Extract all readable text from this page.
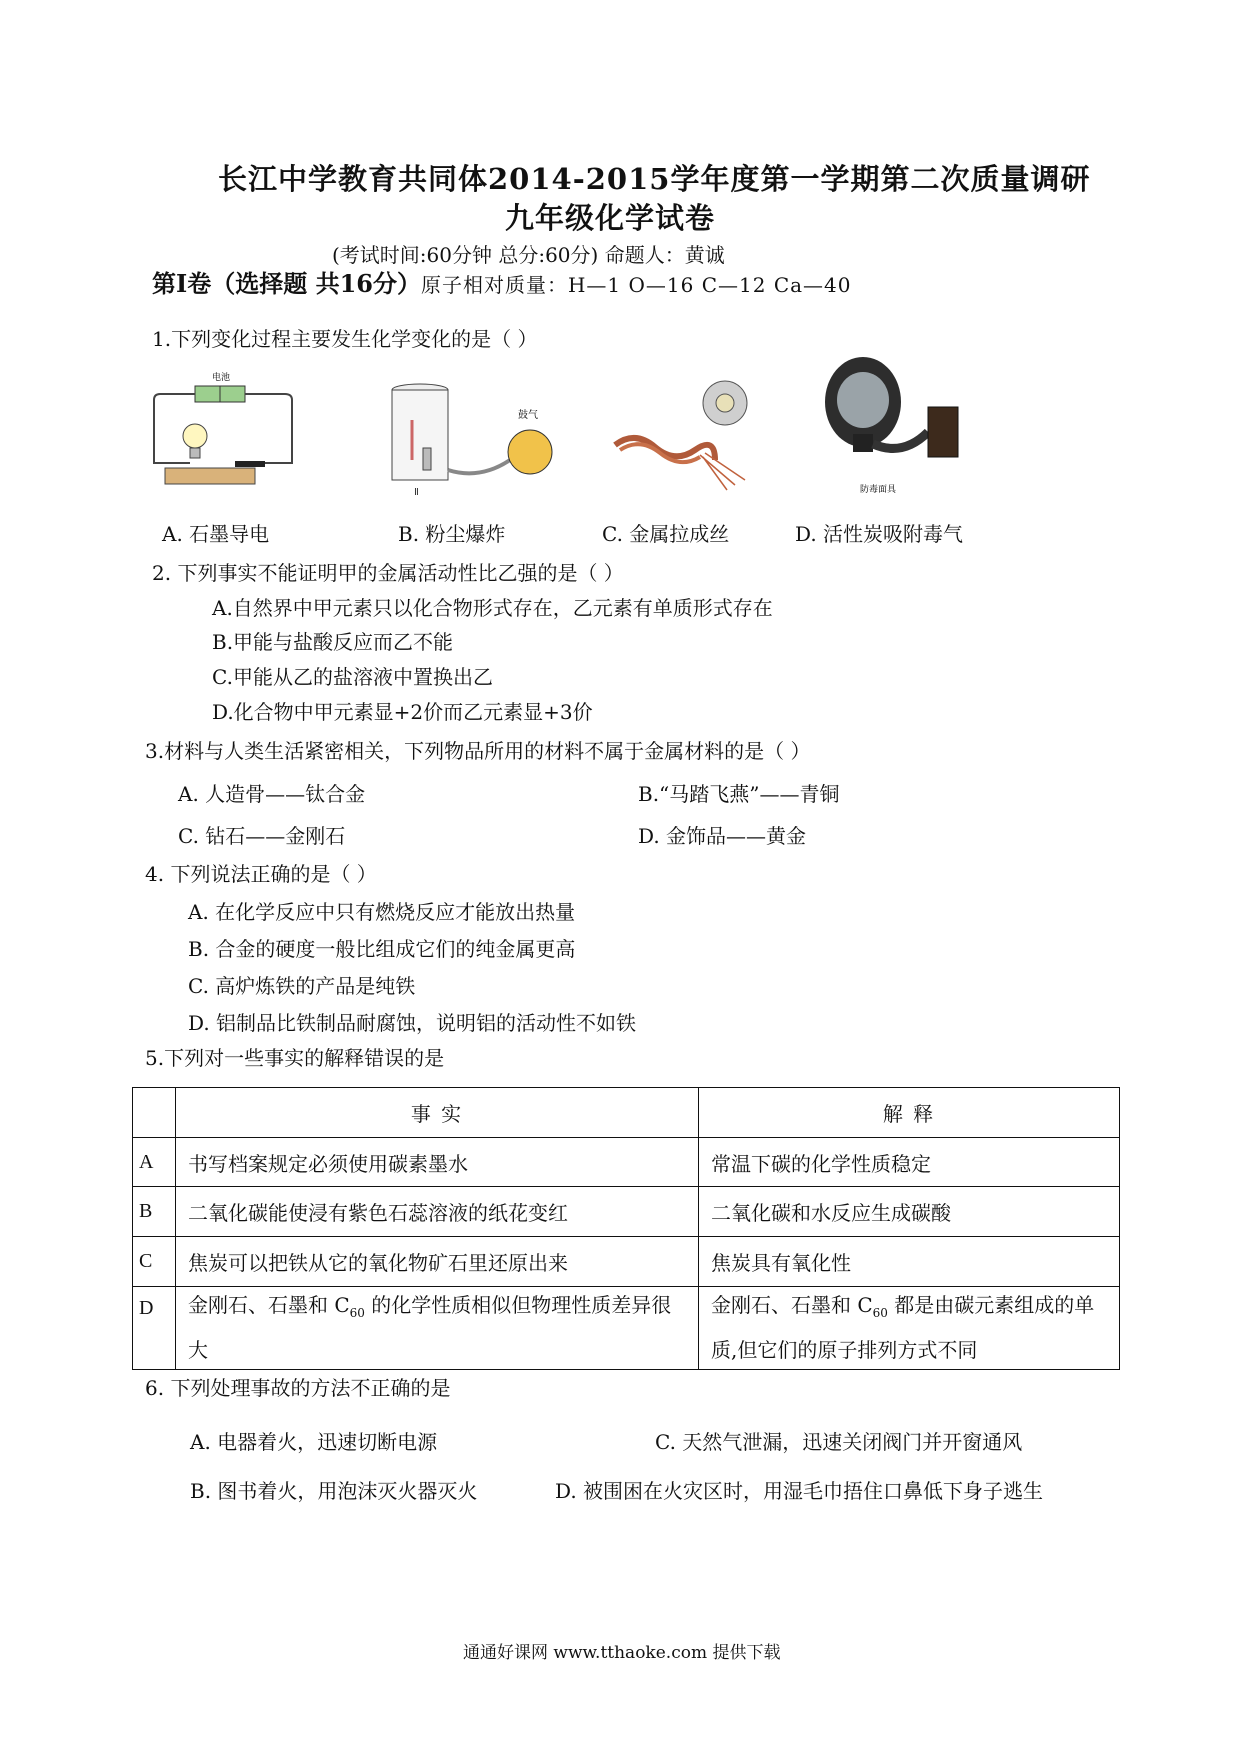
长江中学教育共同体2014-2015学年度第一学期第二次质量调研
九年级化学试卷
(考试时间:60分钟 总分:60分) 命题人：黄诚
第Ⅰ卷（选择题 共16分）原子相对质量：H—1 O—16 C—12 Ca—40
1.下列变化过程主要发生化学变化的是（ ）
电池
鼓气
Ⅱ	防毒面具
A. 石墨导电	B. 粉尘爆炸	C. 金属拉成丝	D. 活性炭吸附毒气
2. 下列事实不能证明甲的金属活动性比乙强的是（ ）
A.自然界中甲元素只以化合物形式存在，乙元素有单质形式存在
B.甲能与盐酸反应而乙不能
C.甲能从乙的盐溶液中置换出乙
D.化合物中甲元素显+2价而乙元素显+3价
3.材料与人类生活紧密相关，下列物品所用的材料不属于金属材料的是（ ）
A. 人造骨——钛合金	B.“马踏飞燕”——青铜
C. 钻石——金刚石	D. 金饰品——黄金
4. 下列说法正确的是（ ）
A. 在化学反应中只有燃烧反应才能放出热量
B. 合金的硬度一般比组成它们的纯金属更高
C. 高炉炼铁的产品是纯铁
D. 铝制品比铁制品耐腐蚀，说明铝的活动性不如铁
5.下列对一些事实的解释错误的是
	事 实	解 释
A	书写档案规定必须使用碳素墨水	常温下碳的化学性质稳定
B	二氧化碳能使浸有紫色石蕊溶液的纸花变红	二氧化碳和水反应生成碳酸
C	焦炭可以把铁从它的氧化物矿石里还原出来	焦炭具有氧化性
D	金刚石、石墨和 $C_{60}$ 的化学性质相似但物理性质差异很大	金刚石、石墨和 $C_{60}$ 都是由碳元素组成的单质,但它们的原子排列方式不同
6. 下列处理事故的方法不正确的是
A. 电器着火，迅速切断电源	C. 天然气泄漏，迅速关闭阀门并开窗通风
B. 图书着火，用泡沫灭火器灭火	D. 被围困在火灾区时，用湿毛巾捂住口鼻低下身子逃生
通通好课网 www.tthaoke.com 提供下载
